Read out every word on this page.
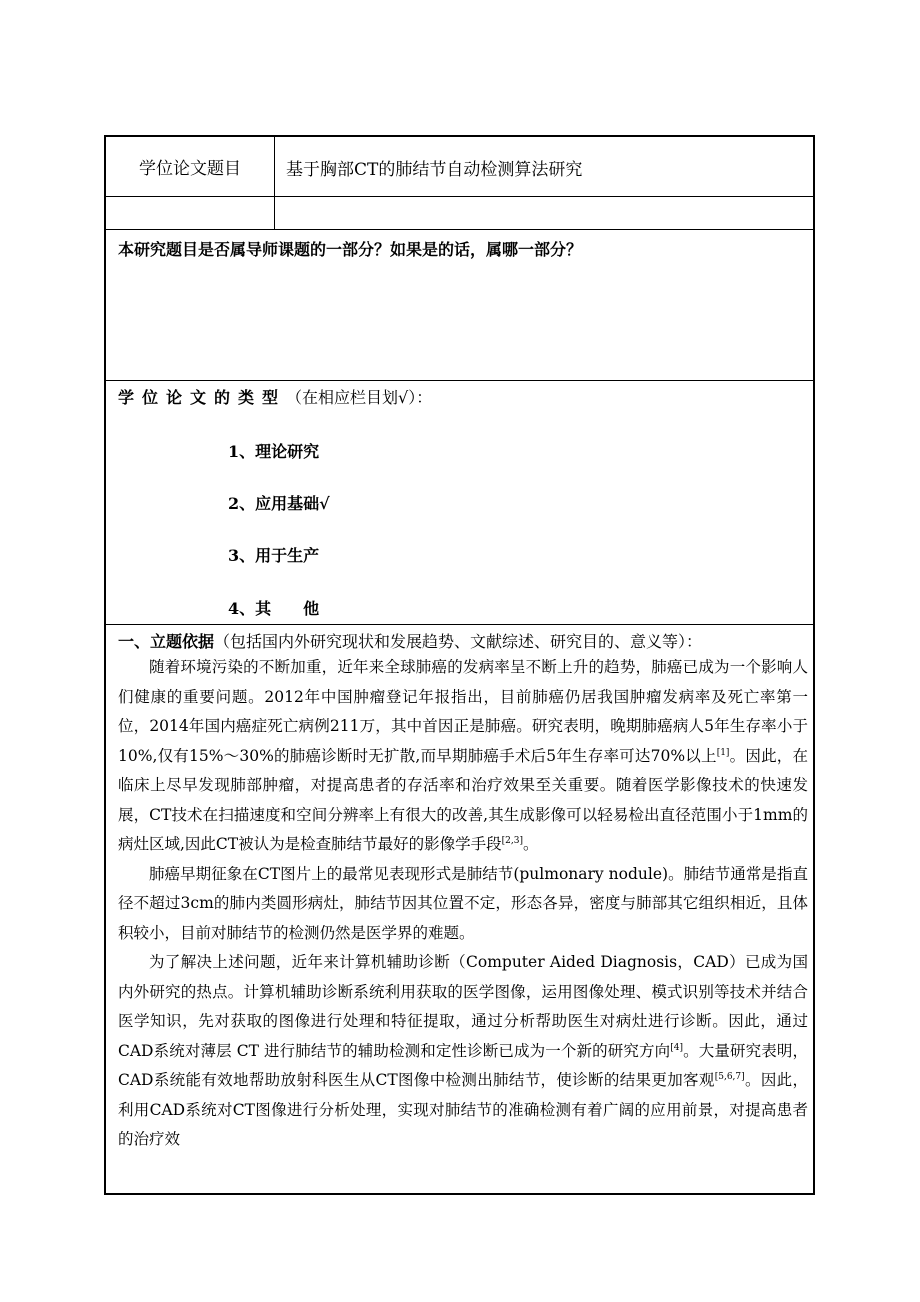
学位论文题目	基于胸部CT的肺结节自动检测算法研究
本研究题目是否属导师课题的一部分？如果是的话，属哪一部分？
学位论文的类型（在相应栏目划√）：
1、理论研究
2、应用基础√
3、用于生产
4、其　　他
一、立题依据（包括国内外研究现状和发展趋势、文献综述、研究目的、意义等）：

随着环境污染的不断加重，近年来全球肺癌的发病率呈不断上升的趋势，肺癌已成为一个影响人们健康的重要问题。2012年中国肿瘤登记年报指出，目前肺癌仍居我国肿瘤发病率及死亡率第一位，2014年国内癌症死亡病例211万，其中首因正是肺癌。研究表明，晚期肺癌病人5年生存率小于10%,仅有15%～30%的肺癌诊断时无扩散,而早期肺癌手术后5年生存率可达70%以上[1]。因此，在临床上尽早发现肺部肿瘤，对提高患者的存活率和治疗效果至关重要。随着医学影像技术的快速发展，CT技术在扫描速度和空间分辨率上有很大的改善,其生成影像可以轻易检出直径范围小于1mm的病灶区域,因此CT被认为是检查肺结节最好的影像学手段[2,3]。

肺癌早期征象在CT图片上的最常见表现形式是肺结节(pulmonary nodule)。肺结节通常是指直径不超过3cm的肺内类圆形病灶，肺结节因其位置不定，形态各异，密度与肺部其它组织相近，且体积较小，目前对肺结节的检测仍然是医学界的难题。

为了解决上述问题，近年来计算机辅助诊断（Computer Aided Diagnosis，CAD）已成为国内外研究的热点。计算机辅助诊断系统利用获取的医学图像，运用图像处理、模式识别等技术并结合医学知识，先对获取的图像进行处理和特征提取，通过分析帮助医生对病灶进行诊断。因此，通过CAD系统对薄层 CT 进行肺结节的辅助检测和定性诊断已成为一个新的研究方向[4]。大量研究表明，CAD系统能有效地帮助放射科医生从CT图像中检测出肺结节，使诊断的结果更加客观[5,6,7]。因此，利用CAD系统对CT图像进行分析处理，实现对肺结节的准确检测有着广阔的应用前景，对提高患者的治疗效
